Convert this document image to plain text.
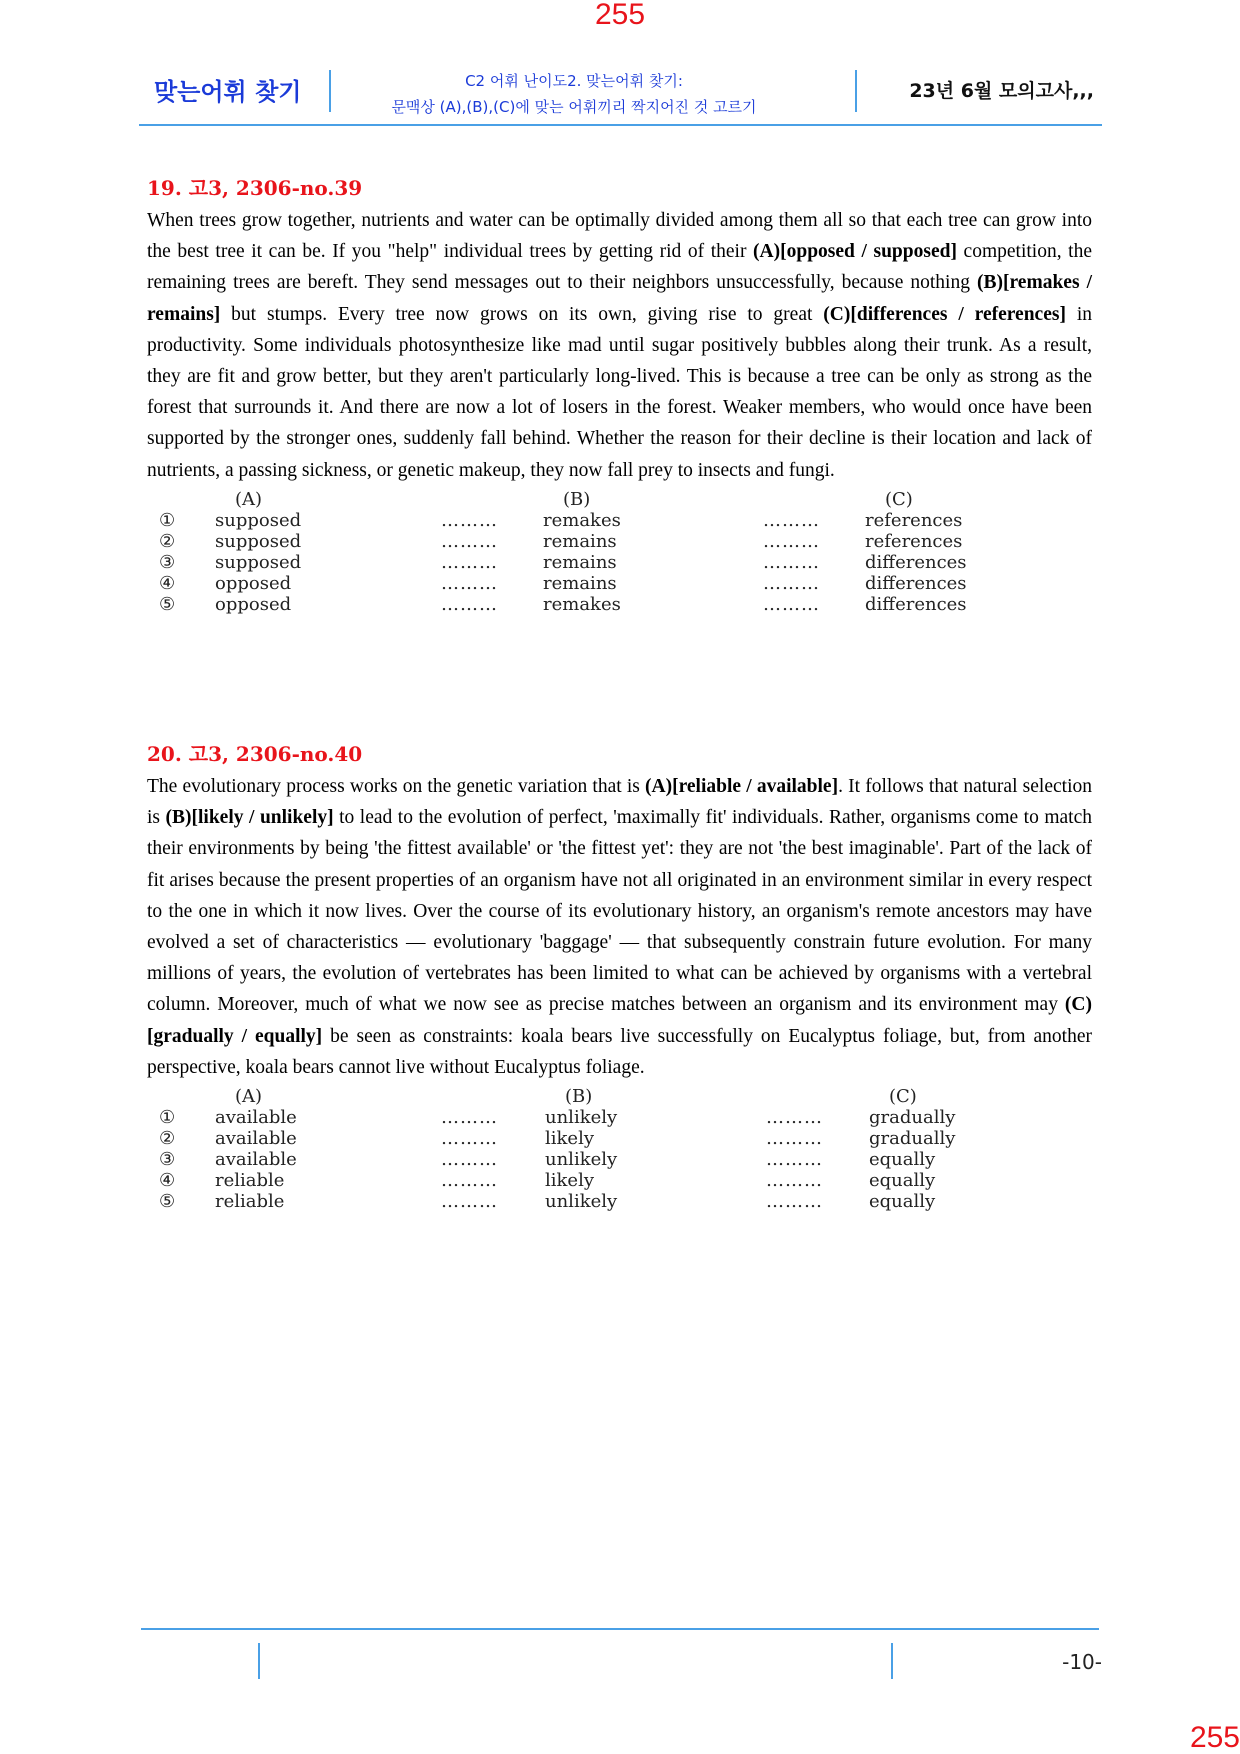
255
맞는어휘 찾기	C2 어휘 난이도2. 맞는어휘 찾기:
문맥상 (A),(B),(C)에 맞는 어휘끼리 짝지어진 것 고르기
23년 6월 모의고사,,,
19. 고3, 2306-no.39

When trees grow together, nutrients and water can be optimally divided among them all so that each tree can grow into the best tree it can be. If you "help" individual trees by getting rid of their (A)[opposed / supposed] competition, the remaining trees are bereft. They send messages out to their neighbors unsuccessfully, because nothing (B)[remakes / remains] but stumps. Every tree now grows on its own, giving rise to great (C)[differences / references] in productivity. Some individuals photosynthesize like mad until sugar positively bubbles along their trunk. As a result, they are fit and grow better, but they aren't particularly long-lived. This is because a tree can be only as strong as the forest that surrounds it. And there are now a lot of losers in the forest. Weaker members, who would once have been supported by the stronger ones, suddenly fall behind. Whether the reason for their decline is their location and lack of nutrients, a passing sickness, or genetic makeup, they now fall prey to insects and fungi.

(A)	(B)	(C)
① supposed	………	remakes	………	references
② supposed	………	remains	………	references
③ supposed	………	remains	………	differences
④ opposed	………	remains	………	differences
⑤ opposed	………	remakes	………	differences
20. 고3, 2306-no.40

The evolutionary process works on the genetic variation that is (A)[reliable / available]. It follows that natural selection is (B)[likely / unlikely] to lead to the evolution of perfect, 'maximally fit' individuals. Rather, organisms come to match their environments by being 'the fittest available' or 'the fittest yet': they are not 'the best imaginable'. Part of the lack of fit arises because the present properties of an organism have not all originated in an environment similar in every respect to the one in which it now lives. Over the course of its evolutionary history, an organism's remote ancestors may have evolved a set of characteristics ― evolutionary 'baggage' ― that subsequently constrain future evolution. For many millions of years, the evolution of vertebrates has been limited to what can be achieved by organisms with a vertebral column. Moreover, much of what we now see as precise matches between an organism and its environment may (C)[gradually / equally] be seen as constraints: koala bears live successfully on Eucalyptus foliage, but, from another perspective, koala bears cannot live without Eucalyptus foliage.

(A)	(B)	(C)
① available	………	unlikely	………	gradually
② available	………	likely	………	gradually
③ available	………	unlikely	………	equally
④ reliable	………	likely	………	equally
⑤ reliable	………	unlikely	………	equally
-10-
255
